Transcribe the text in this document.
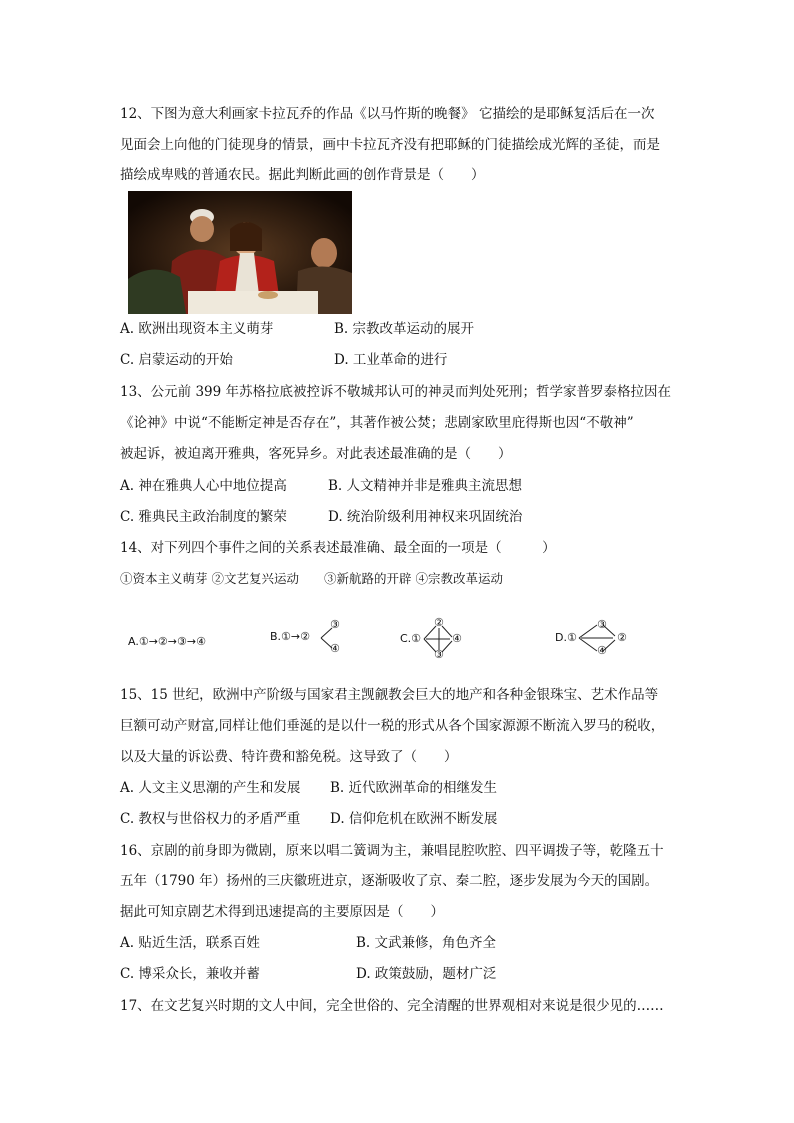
12、下图为意大利画家卡拉瓦乔的作品《以马忤斯的晚餐》 它描绘的是耶稣复活后在一次
见面会上向他的门徒现身的情景，画中卡拉瓦齐没有把耶稣的门徒描绘成光辉的圣徒，而是
描绘成卑贱的普通农民。据此判断此画的创作背景是（　　）
A. 欧洲出现资本主义萌芽	B. 宗教改革运动的展开
C. 启蒙运动的开始	D. 工业革命的进行
13、公元前 399 年苏格拉底被控诉不敬城邦认可的神灵而判处死刑；哲学家普罗泰格拉因在
《论神》中说“不能断定神是否存在”，其著作被公焚；悲剧家欧里庇得斯也因“不敬神”
被起诉，被迫离开雅典，客死异乡。对此表述最准确的是（　　）
A. 神在雅典人心中地位提高	B. 人文精神并非是雅典主流思想
C. 雅典民主政治制度的繁荣	D. 统治阶级利用神权来巩固统治
14、对下列四个事件之间的关系表述最准确、最全面的一项是（　　　）
①资本主义萌芽 ②文艺复兴运动　　③新航路的开辟 ④宗教改革运动
A.①→②→③→④	B.①→②
③
④
C.①
②
④
③
D.①
③
②
④
15、15 世纪，欧洲中产阶级与国家君主觊觎教会巨大的地产和各种金银珠宝、艺术作品等
巨额可动产财富,同样让他们垂涎的是以什一税的形式从各个国家源源不断流入罗马的税收，
以及大量的诉讼费、特许费和豁免税。这导致了（　　）
A. 人文主义思潮的产生和发展 B. 近代欧洲革命的相继发生
C. 教权与世俗权力的矛盾严重 D. 信仰危机在欧洲不断发展
16、京剧的前身即为微剧，原来以唱二簧调为主，兼唱昆腔吹腔、四平调拨子等，乾隆五十
五年（1790 年）扬州的三庆徽班进京，逐渐吸收了京、秦二腔，逐步发展为今天的国剧。
据此可知京剧艺术得到迅速提高的主要原因是（　　）
A. 贴近生活，联系百姓	B. 文武兼修，角色齐全
C. 博采众长，兼收并蓄	D. 政策鼓励，题材广泛
17、在文艺复兴时期的文人中间，完全世俗的、完全清醒的世界观相对来说是很少见的……
